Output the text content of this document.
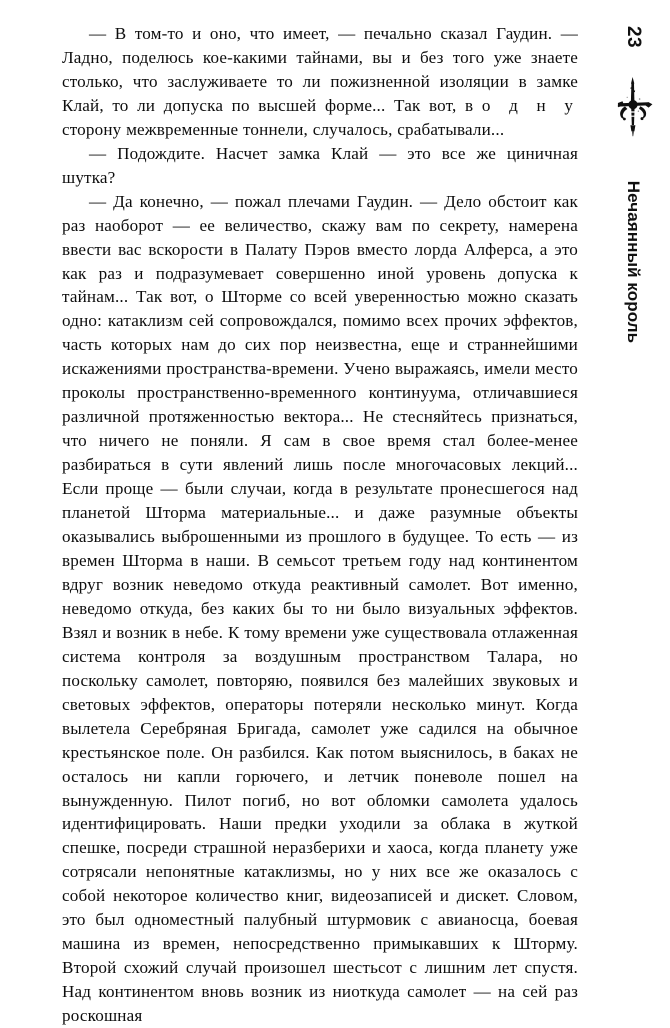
— В том-то и оно, что имеет, — печально сказал Гаудин. — Ладно, поделюсь кое-какими тайнами, вы и без того уже знаете столько, что заслуживаете то ли пожизненной изоляции в замке Клай, то ли допуска по высшей форме... Так вот, в о д н у сторону межвременные тоннели, случалось, срабатывали...

— Подождите. Насчет замка Клай — это все же циничная шутка?

— Да конечно, — пожал плечами Гаудин. — Дело обстоит как раз наоборот — ее величество, скажу вам по секрету, намерена ввести вас вскорости в Палату Пэров вместо лорда Алферса, а это как раз и подразумевает совершенно иной уровень допуска к тайнам... Так вот, о Шторме со всей уверенностью можно сказать одно: катаклизм сей сопровождался, помимо всех прочих эффектов, часть которых нам до сих пор неизвестна, еще и страннейшими искажениями пространства-времени. Учено выражаясь, имели место проколы пространственно-временного континуума, отличавшиеся различной протяженностью вектора... Не стесняйтесь признаться, что ничего не поняли. Я сам в свое время стал более-менее разбираться в сути явлений лишь после многочасовых лекций... Если проще — были случаи, когда в результате пронесшегося над планетой Шторма материальные... и даже разумные объекты оказывались выброшенными из прошлого в будущее. То есть — из времен Шторма в наши. В семьсот третьем году над континентом вдруг возник неведомо откуда реактивный самолет. Вот именно, неведомо откуда, без каких бы то ни было визуальных эффектов. Взял и возник в небе. К тому времени уже существовала отлаженная система контроля за воздушным пространством Талара, но поскольку самолет, повторяю, появился без малейших звуковых и световых эффектов, операторы потеряли несколько минут. Когда вылетела Серебряная Бригада, самолет уже садился на обычное крестьянское поле. Он разбился. Как потом выяснилось, в баках не осталось ни капли горючего, и летчик поневоле пошел на вынужденную. Пилот погиб, но вот обломки самолета удалось идентифицировать. Наши предки уходили за облака в жуткой спешке, посреди страшной неразберихи и хаоса, когда планету уже сотрясали непонятные катаклизмы, но у них все же оказалось с собой некоторое количество книг, видеозаписей и дискет. Словом, это был одноместный палубный штурмовик с авианосца, боевая машина из времен, непосредственно примыкавших к Шторму. Второй схожий случай произошел шестьсот с лишним лет спустя. Над континентом вновь возник из ниоткуда самолет — на сей раз роскошная

23
Нечаянный король
